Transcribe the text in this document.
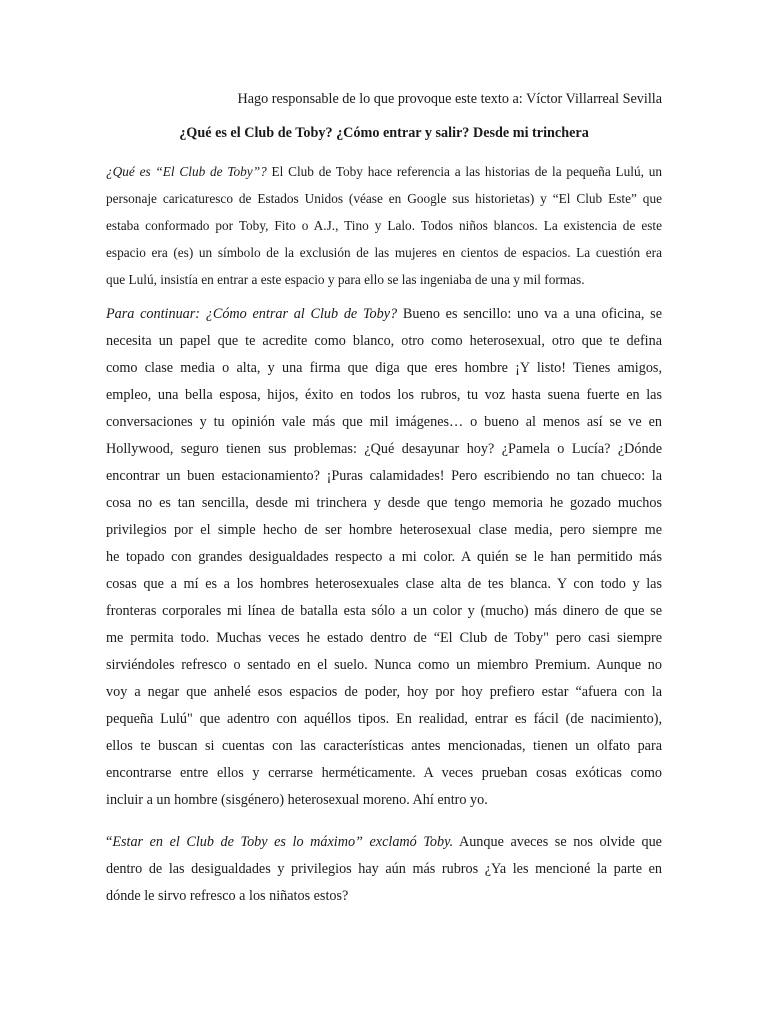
Hago responsable de lo que provoque este texto a: Víctor Villarreal Sevilla
¿Qué es el Club de Toby? ¿Cómo entrar y salir? Desde mi trinchera

¿Qué es “El Club de Toby”? El Club de Toby hace referencia a las historias de la pequeña Lulú, un
personaje caricaturesco de Estados Unidos (véase en Google sus historietas) y “El Club Este” que
estaba conformado por Toby, Fito o A.J., Tino y Lalo. Todos niños blancos. La existencia de este
espacio era (es) un símbolo de la exclusión de las mujeres en cientos de espacios. La cuestión era
que Lulú, insistía en entrar a este espacio y para ello se las ingeniaba de una y mil formas.

Para continuar: ¿Cómo entrar al Club de Toby? Bueno es sencillo: uno va a una oficina, se
necesita un papel que te acredite como blanco, otro como heterosexual, otro que te defina
como clase media o alta, y una firma que diga que eres hombre ¡Y listo! Tienes amigos,
empleo, una bella esposa, hijos, éxito en todos los rubros, tu voz hasta suena fuerte en las
conversaciones y tu opinión vale más que mil imágenes… o bueno al menos así se ve en
Hollywood, seguro tienen sus problemas: ¿Qué desayunar hoy? ¿Pamela o Lucía? ¿Dónde
encontrar un buen estacionamiento? ¡Puras calamidades! Pero escribiendo no tan chueco: la
cosa no es tan sencilla, desde mi trinchera y desde que tengo memoria he gozado muchos
privilegios por el simple hecho de ser hombre heterosexual clase media, pero siempre me
he topado con grandes desigualdades respecto a mi color. A quién se le han permitido más
cosas que a mí es a los hombres heterosexuales clase alta de tes blanca. Y con todo y las
fronteras corporales mi línea de batalla esta sólo a un color y (mucho) más dinero de que se
me permita todo. Muchas veces he estado dentro de “El Club de Toby" pero casi siempre
sirviéndoles refresco o sentado en el suelo. Nunca como un miembro Premium. Aunque no
voy a negar que anhelé esos espacios de poder, hoy por hoy prefiero estar “afuera con la
pequeña Lulú" que adentro con aquéllos tipos. En realidad, entrar es fácil (de nacimiento),
ellos te buscan si cuentas con las características antes mencionadas, tienen un olfato para
encontrarse entre ellos y cerrarse herméticamente. A veces prueban cosas exóticas como
incluir a un hombre (sisgénero) heterosexual moreno. Ahí entro yo.

“Estar en el Club de Toby es lo máximo” exclamó Toby. Aunque aveces se nos olvide que
dentro de las desigualdades y privilegios hay aún más rubros ¿Ya les mencioné la parte en
dónde le sirvo refresco a los niñatos estos?
